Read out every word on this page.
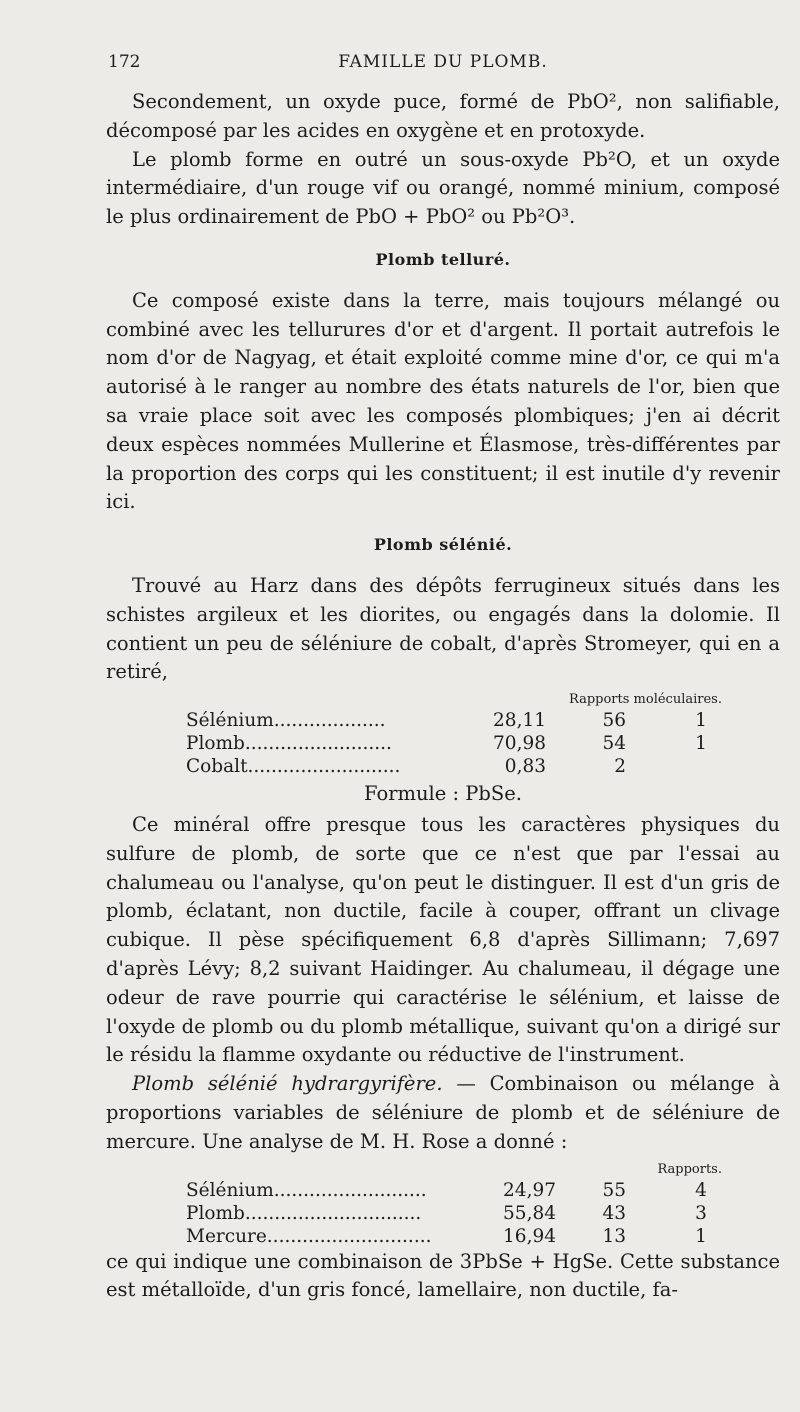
172	FAMILLE DU PLOMB.

Secondement, un oxyde puce, formé de PbO², non salifiable, décomposé par les acides en oxygène et en protoxyde.

Le plomb forme en outré un sous-oxyde Pb²O, et un oxyde intermédiaire, d'un rouge vif ou orangé, nommé minium, composé le plus ordinairement de PbO + PbO² ou Pb²O³.

Plomb telluré.

Ce composé existe dans la terre, mais toujours mélangé ou combiné avec les tellurures d'or et d'argent. Il portait autrefois le nom d'or de Nagyag, et était exploité comme mine d'or, ce qui m'a autorisé à le ranger au nombre des états naturels de l'or, bien que sa vraie place soit avec les composés plombiques; j'en ai décrit deux espèces nommées Mullerine et Élasmose, très-différentes par la proportion des corps qui les constituent; il est inutile d'y revenir ici.

Plomb sélénié.

Trouvé au Harz dans des dépôts ferrugineux situés dans les schistes argileux et les diorites, ou engagés dans la dolomie. Il contient un peu de séléniure de cobalt, d'après Stromeyer, qui en a retiré,

Rapports moléculaires.
Sélénium...................	28,11	56	1
Plomb.........................	70,98	54	1
Cobalt..........................	0,83	2

Formule : PbSe.

Ce minéral offre presque tous les caractères physiques du sulfure de plomb, de sorte que ce n'est que par l'essai au chalumeau ou l'analyse, qu'on peut le distinguer. Il est d'un gris de plomb, éclatant, non ductile, facile à couper, offrant un clivage cubique. Il pèse spécifiquement 6,8 d'après Sillimann; 7,697 d'après Lévy; 8,2 suivant Haidinger. Au chalumeau, il dégage une odeur de rave pourrie qui caractérise le sélénium, et laisse de l'oxyde de plomb ou du plomb métallique, suivant qu'on a dirigé sur le résidu la flamme oxydante ou réductive de l'instrument.

Plomb sélénié hydrargyrifère. — Combinaison ou mélange à proportions variables de séléniure de plomb et de séléniure de mercure. Une analyse de M. H. Rose a donné :

Rapports.
Sélénium..........................	24,97	55	4
Plomb..............................	55,84	43	3
Mercure............................	16,94	13	1

ce qui indique une combinaison de 3PbSe + HgSe. Cette substance est métalloïde, d'un gris foncé, lamellaire, non ductile, fa-
